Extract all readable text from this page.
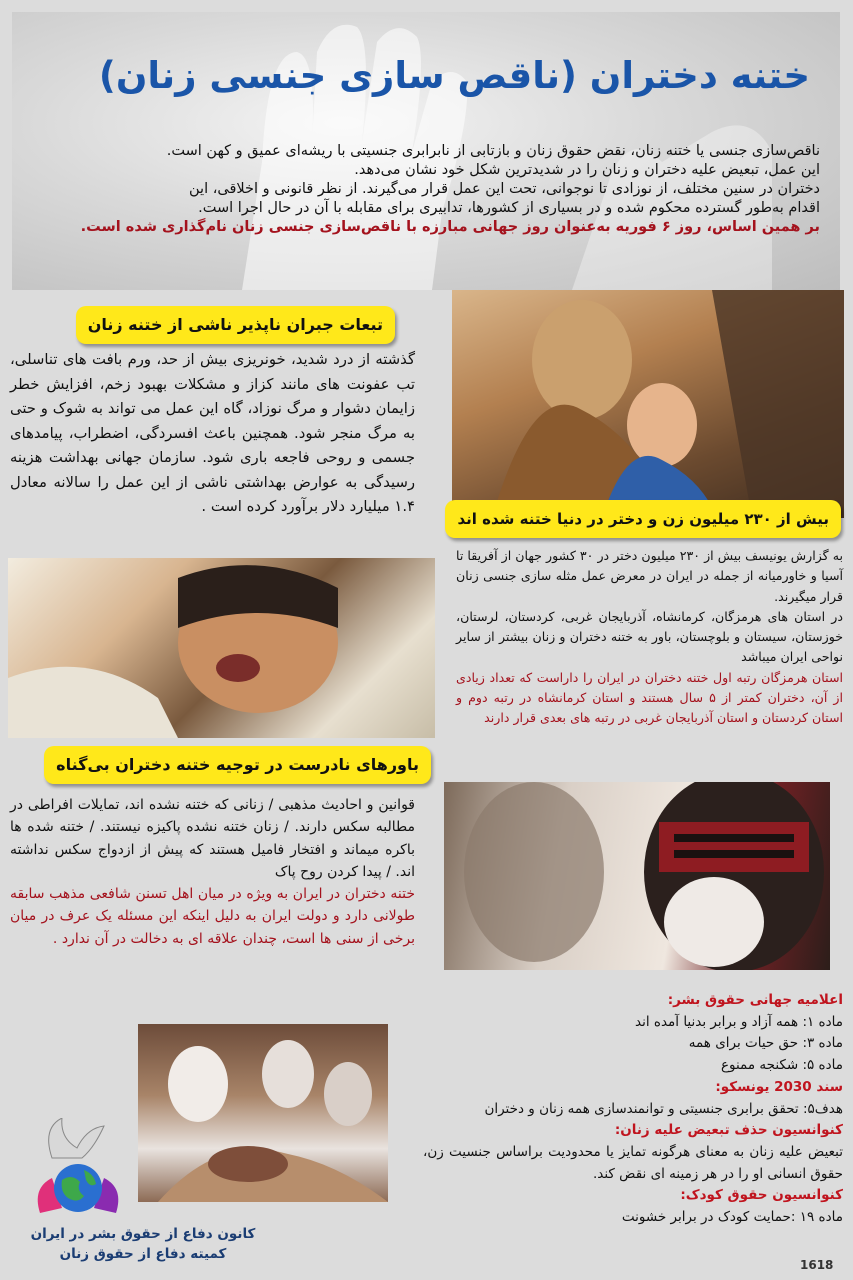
ختنه دختران (ناقص سازی جنسی زنان)

ناقص‌سازی جنسی یا ختنه زنان، نقض حقوق زنان و بازتابی از نابرابری جنسیتی با ریشه‌ای عمیق و کهن است.

این عمل، تبعیض علیه دختران و زنان را در شدیدترین شکل خود نشان می‌دهد.

دختران در سنین مختلف، از نوزادی تا نوجوانی، تحت این عمل قرار می‌گیرند. از نظر قانونی و اخلاقی، این

اقدام به‌طور گسترده محکوم شده و در بسیاری از کشورها، تدابیری برای مقابله با آن در حال اجرا است.

بر همین اساس، روز ۶ فوریه به‌عنوان روز جهانی مبارزه با ناقص‌سازی جنسی زنان نام‌گذاری شده است.

تبعات جبران ناپذیر ناشی از ختنه زنان

گذشته از درد شدید، خونریزی بیش از حد، ورم بافت های تناسلی، تب عفونت های مانند کزاز و مشکلات بهبود زخم، افزایش خطر زایمان دشوار و مرگ نوزاد، گاه این عمل می تواند به شوک و حتی به مرگ منجر شود. همچنین باعث افسردگی، اضطراب، پیامدهای جسمی و روحی فاجعه باری شود. سازمان جهانی بهداشت هزینه رسیدگی به عوارض بهداشتی ناشی از این عمل را سالانه معادل ۱.۴ میلیارد دلار برآورد کرده است .

بیش از ۲۳۰ میلیون زن و دختر در دنیا ختنه شده اند

به گزارش یونیسف بیش از ۲۳۰ میلیون دختر در ۳۰ کشور جهان از آفریقا تا آسیا و خاورمیانه از جمله در ایران در معرض عمل مثله سازی جنسی زنان قرار میگیرند.

در استان های هرمزگان، کرمانشاه، آذربایجان غربی، کردستان، لرستان، خوزستان، سیستان و بلوچستان، باور به ختنه دختران و زنان بیشتر از سایر نواحی ایران میباشد

استان هرمزگان رتبه اول ختنه دختران در ایران را داراست که تعداد زیادی از آن، دختران کمتر از ۵ سال هستند و استان کرمانشاه در رتبه دوم و استان کردستان و استان آذربایجان غربی در رتبه های بعدی قرار دارند

باورهای نادرست در توجیه ختنه دختران بی‌گناه

قوانین و احادیث مذهبی / زنانی که ختنه نشده اند، تمایلات افراطی در مطالبه سکس دارند. / زنان ختنه نشده پاکیزه نیستند. / ختنه شده ها باکره میماند و افتخار فامیل هستند که پیش از ازدواج سکس نداشته اند. / پیدا کردن روح پاک

ختنه دختران در ایران به ویژه در میان اهل تسنن شافعی مذهب سابقه طولانی دارد و دولت ایران به دلیل اینکه این مسئله یک عرف در میان برخی از سنی ها است، چندان علاقه ای به دخالت در آن ندارد .

اعلامیه جهانی حقوق بشر:

ماده ۱: همه آزاد و برابر بدنیا آمده اند

ماده ۳: حق حیات برای همه

ماده ۵: شکنجه ممنوع

سند 2030 یونسکو:

هدف۵: تحقق برابری جنسیتی و توانمندسازی همه زنان و دختران

کنوانسیون حذف تبعیض علیه زنان:

تبعیض علیه زنان به معنای هرگونه تمایز یا محدودیت براساس جنسیت زن، حقوق انسانی او را در هر زمینه ای نقض کند.

کنوانسیون حقوق کودک:

ماده ۱۹ :حمایت کودک در برابر خشونت

کانون دفاع از حقوق بشر در ایران
کمیته دفاع از حقوق زنان
1618
